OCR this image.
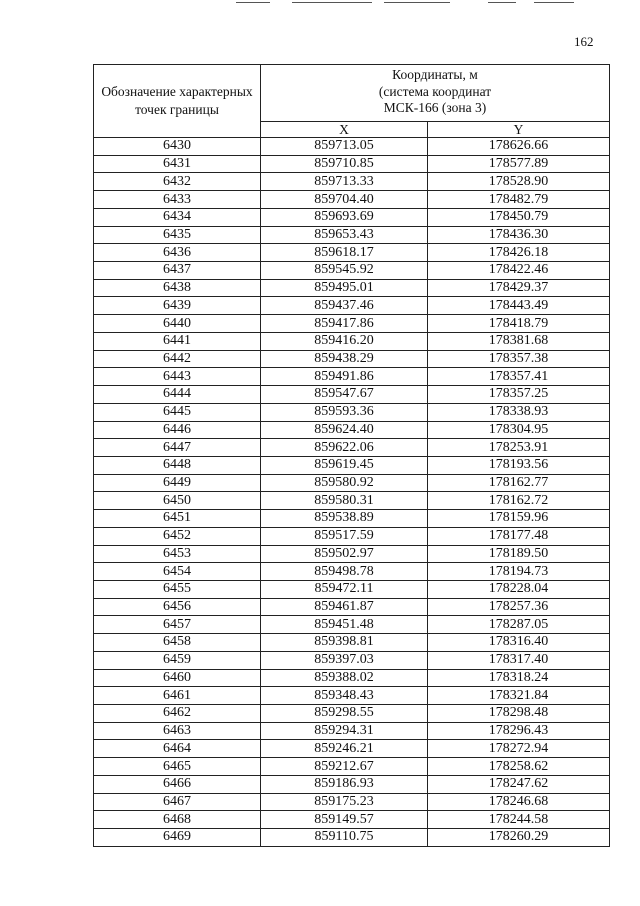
162
Обозначение характерных точек границы	Координаты, м
(система координат
МСК-166 (зона 3)	
	X	Y
6430	859713.05	178626.66
6431	859710.85	178577.89
6432	859713.33	178528.90
6433	859704.40	178482.79
6434	859693.69	178450.79
6435	859653.43	178436.30
6436	859618.17	178426.18
6437	859545.92	178422.46
6438	859495.01	178429.37
6439	859437.46	178443.49
6440	859417.86	178418.79
6441	859416.20	178381.68
6442	859438.29	178357.38
6443	859491.86	178357.41
6444	859547.67	178357.25
6445	859593.36	178338.93
6446	859624.40	178304.95
6447	859622.06	178253.91
6448	859619.45	178193.56
6449	859580.92	178162.77
6450	859580.31	178162.72
6451	859538.89	178159.96
6452	859517.59	178177.48
6453	859502.97	178189.50
6454	859498.78	178194.73
6455	859472.11	178228.04
6456	859461.87	178257.36
6457	859451.48	178287.05
6458	859398.81	178316.40
6459	859397.03	178317.40
6460	859388.02	178318.24
6461	859348.43	178321.84
6462	859298.55	178298.48
6463	859294.31	178296.43
6464	859246.21	178272.94
6465	859212.67	178258.62
6466	859186.93	178247.62
6467	859175.23	178246.68
6468	859149.57	178244.58
6469	859110.75	178260.29
